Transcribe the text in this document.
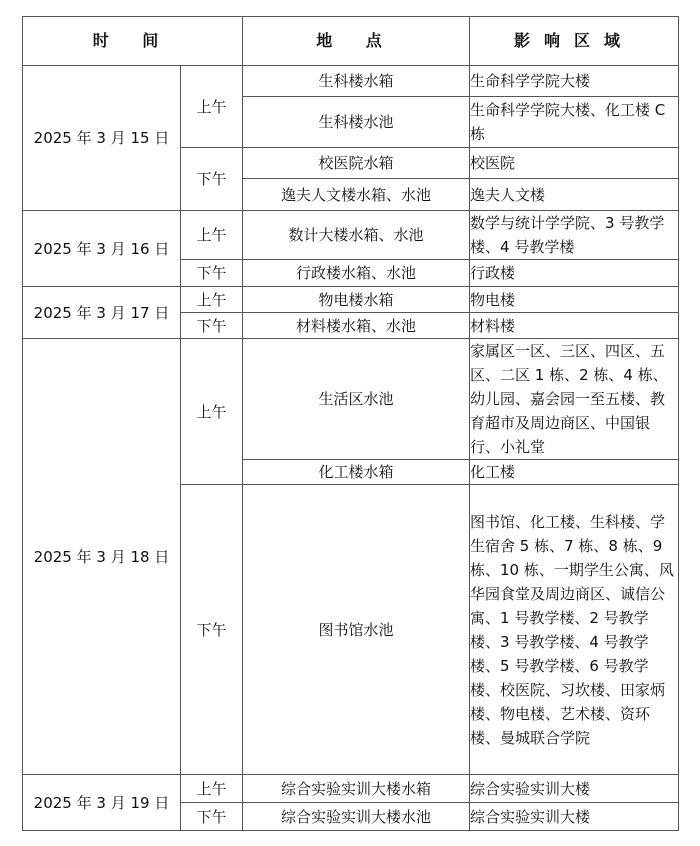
时 间		地 点	影响区域
2025 年 3 月 15 日	上午	生科楼水箱	生命科学学院大楼
		生科楼水池	生命科学学院大楼、化工楼 C 栋
	下午	校医院水箱	校医院
		逸夫人文楼水箱、水池	逸夫人文楼
2025 年 3 月 16 日	上午	数计大楼水箱、水池	数学与统计学学院、3 号教学楼、4 号教学楼
	下午	行政楼水箱、水池	行政楼
2025 年 3 月 17 日	上午	物电楼水箱	物电楼
	下午	材料楼水箱、水池	材料楼
2025 年 3 月 18 日	上午	生活区水池	家属区一区、三区、四区、五区、二区 1 栋、2 栋、4 栋、幼儿园、嘉会园一至五楼、教育超市及周边商区、中国银行、小礼堂
		化工楼水箱	化工楼
	下午	图书馆水池	图书馆、化工楼、生科楼、学生宿舍 5 栋、7 栋、8 栋、9 栋、10 栋、一期学生公寓、风华园食堂及周边商区、诚信公寓、1 号教学楼、2 号教学楼、3 号教学楼、4 号教学楼、5 号教学楼、6 号教学楼、校医院、习坎楼、田家炳楼、物电楼、艺术楼、资环楼、曼城联合学院
2025 年 3 月 19 日	上午	综合实验实训大楼水箱	综合实验实训大楼
	下午	综合实验实训大楼水池	综合实验实训大楼
